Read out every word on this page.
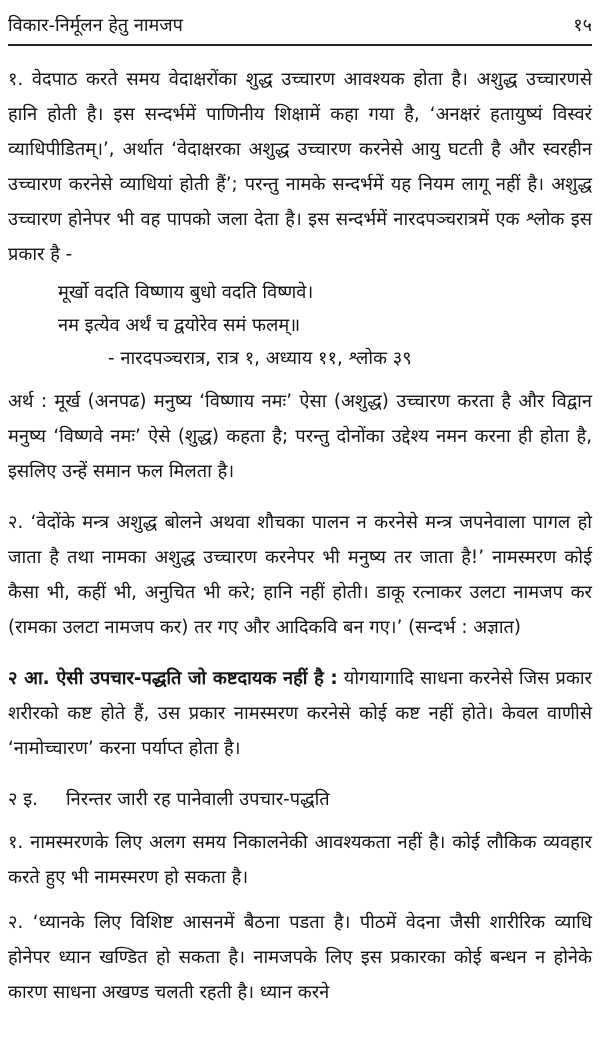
विकार-निर्मूलन हेतु नामजप	१५

१. वेदपाठ करते समय वेदाक्षरोंका शुद्ध उच्चारण आवश्यक होता है। अशुद्ध उच्चारणसे हानि होती है। इस सन्दर्भमें पाणिनीय शिक्षामें कहा गया है, ‘अनक्षरं हतायुष्यं विस्वरं व्याधिपीडितम्।’, अर्थात ‘वेदाक्षरका अशुद्ध उच्चारण करनेसे आयु घटती है और स्वरहीन उच्चारण करनेसे व्याधियां होती हैं’; परन्तु नामके सन्दर्भमें यह नियम लागू नहीं है। अशुद्ध उच्चारण होनेपर भी वह पापको जला देता है। इस सन्दर्भमें नारदपञ्चरात्रमें एक श्लोक इस प्रकार है -

मूर्खो वदति विष्णाय बुधो वदति विष्णवे।
नम इत्येव अर्थं च द्वयोरेव समं फलम्॥
- नारदपञ्चरात्र, रात्र १, अध्याय ११, श्लोक ३९

अर्थ : मूर्ख (अनपढ) मनुष्य ‘विष्णाय नमः’ ऐसा (अशुद्ध) उच्चारण करता है और विद्वान मनुष्य ‘विष्णवे नमः’ ऐसे (शुद्ध) कहता है; परन्तु दोनोंका उद्देश्य नमन करना ही होता है, इसलिए उन्हें समान फल मिलता है।

२. ‘वेदोंके मन्त्र अशुद्ध बोलने अथवा शौचका पालन न करनेसे मन्त्र जपनेवाला पागल हो जाता है तथा नामका अशुद्ध उच्चारण करनेपर भी मनुष्य तर जाता है!’ नामस्मरण कोई कैसा भी, कहीं भी, अनुचित भी करे; हानि नहीं होती। डाकू रत्नाकर उलटा नामजप कर (रामका उलटा नामजप कर) तर गए और आदिकवि बन गए।’ (सन्दर्भ : अज्ञात)

२ आ. ऐसी उपचार-पद्धति जो कष्टदायक नहीं है : योगयागादि साधना करनेसे जिस प्रकार शरीरको कष्ट होते हैं, उस प्रकार नामस्मरण करनेसे कोई कष्ट नहीं होते। केवल वाणीसे ‘नामोच्चारण’ करना पर्याप्त होता है।

२ इ. निरन्तर जारी रह पानेवाली उपचार-पद्धति

१. नामस्मरणके लिए अलग समय निकालनेकी आवश्यकता नहीं है। कोई लौकिक व्यवहार करते हुए भी नामस्मरण हो सकता है।

२. ‘ध्यानके लिए विशिष्ट आसनमें बैठना पडता है। पीठमें वेदना जैसी शारीरिक व्याधि होनेपर ध्यान खण्डित हो सकता है। नामजपके लिए इस प्रकारका कोई बन्धन न होनेके कारण साधना अखण्ड चलती रहती है। ध्यान करने
